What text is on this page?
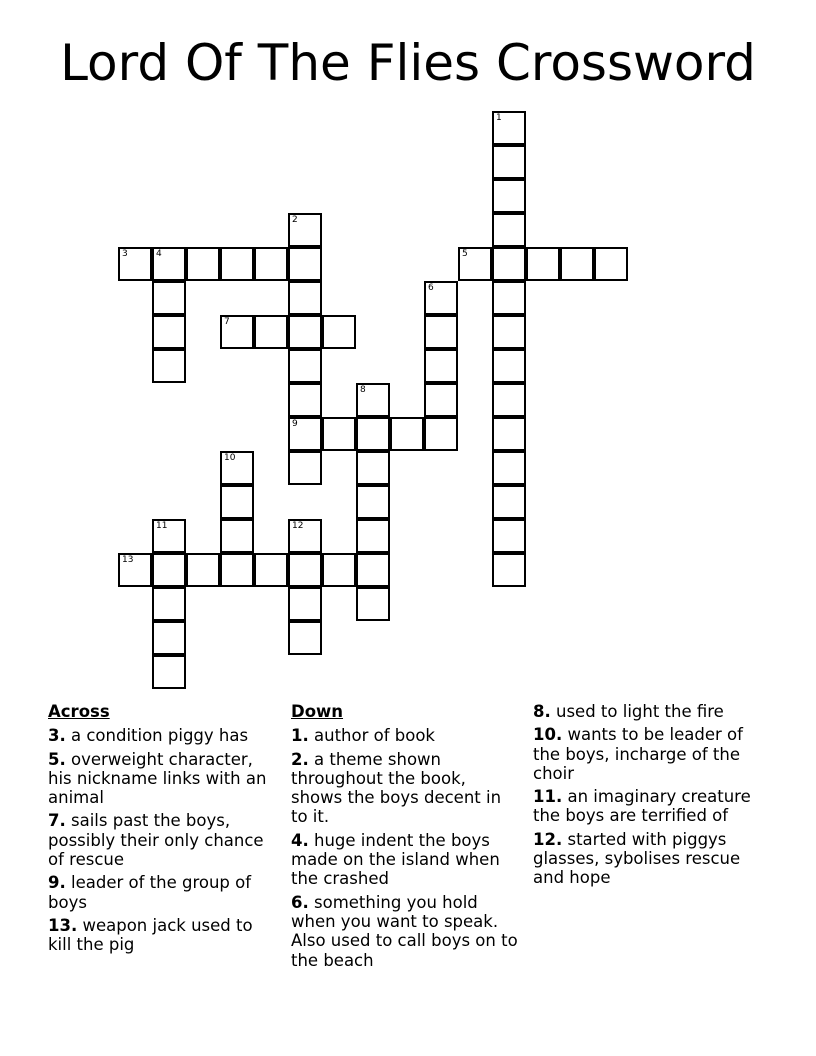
Lord Of The Flies Crossword
1
2
9
3	4	5
6
7
8
10
11	12
13
Across
3. a condition piggy has
5. overweight character, his nickname links with an animal
7. sails past the boys, possibly their only chance of rescue
9. leader of the group of boys
13. weapon jack used to kill the pig
Down
1. author of book
2. a theme shown throughout the book, shows the boys decent in to it.
4. huge indent the boys made on the island when the crashed
6. something you hold when you want to speak. Also used to call boys on to the beach
8. used to light the fire
10. wants to be leader of the boys, incharge of the choir
11. an imaginary creature the boys are terrified of
12. started with piggys glasses, sybolises rescue and hope
